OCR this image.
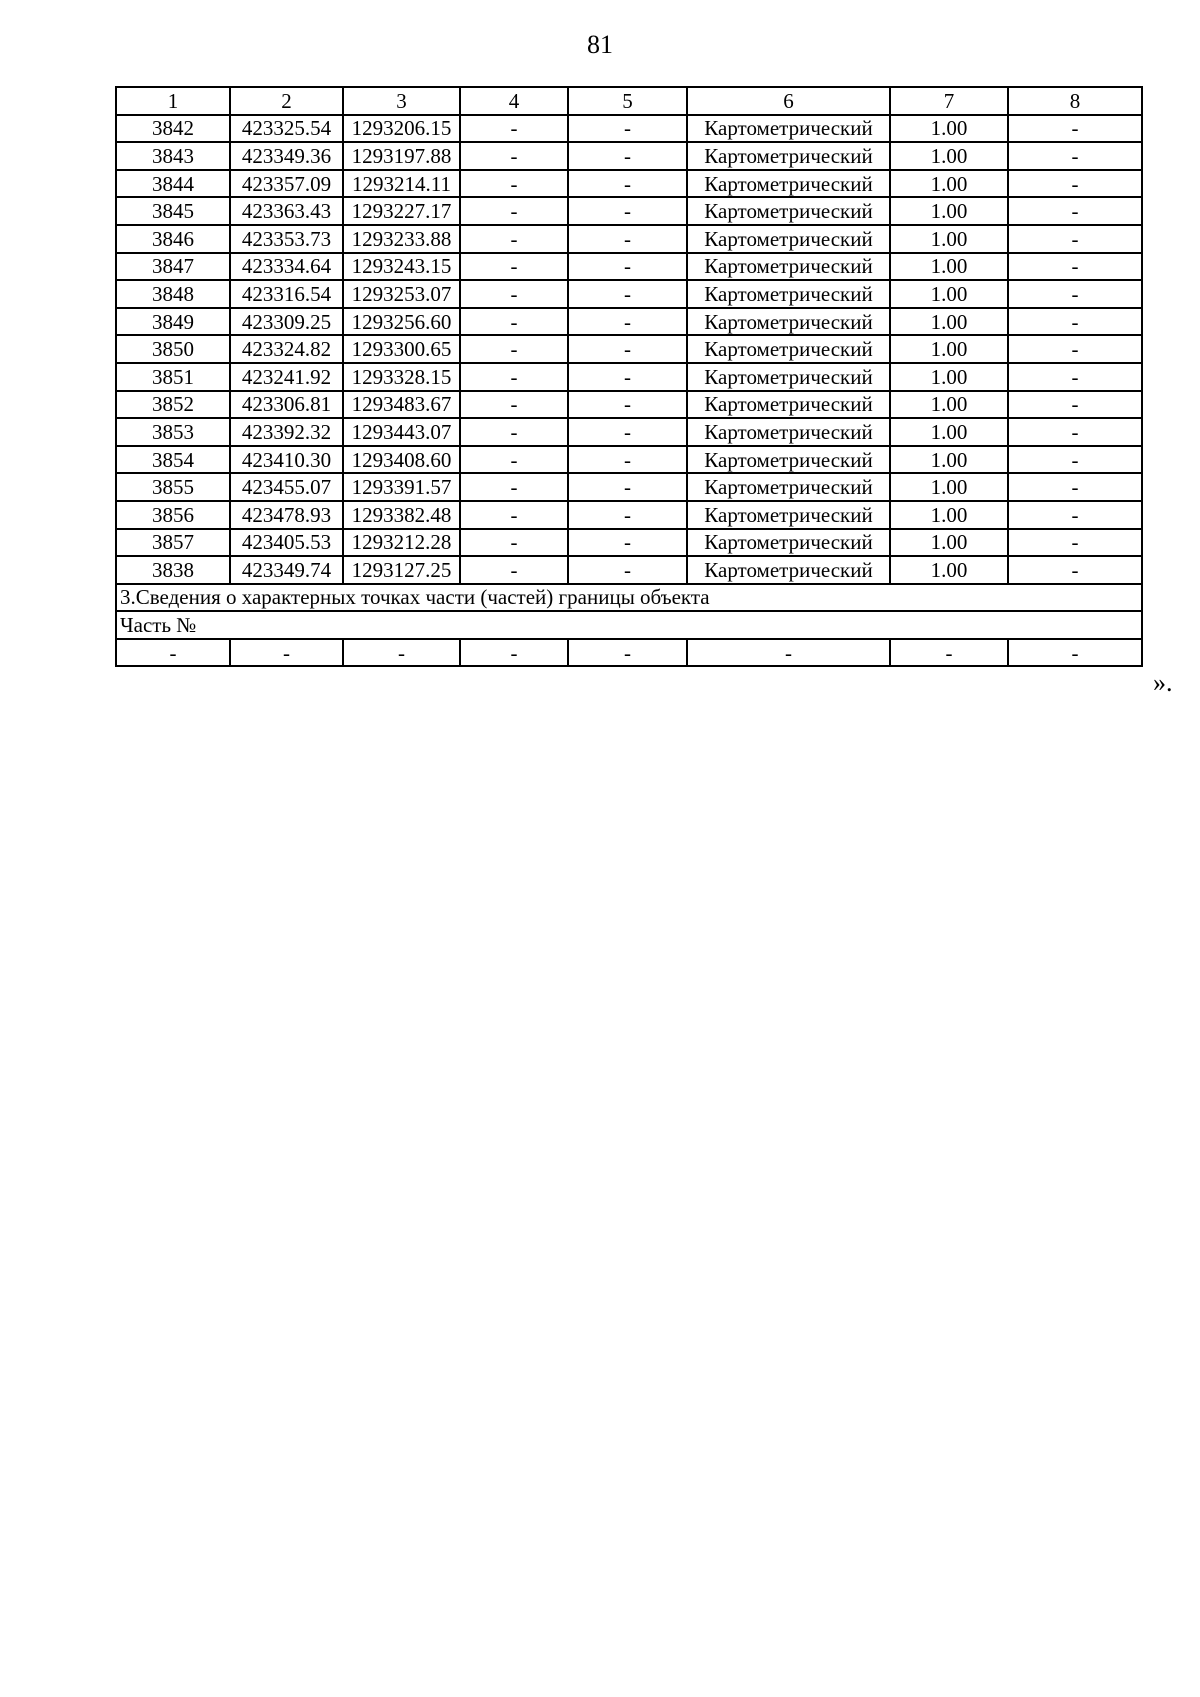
81
1	2	3	4	5	6	7	8
3842	423325.54	1293206.15	-	-	Картометрический	1.00	-
3843	423349.36	1293197.88	-	-	Картометрический	1.00	-
3844	423357.09	1293214.11	-	-	Картометрический	1.00	-
3845	423363.43	1293227.17	-	-	Картометрический	1.00	-
3846	423353.73	1293233.88	-	-	Картометрический	1.00	-
3847	423334.64	1293243.15	-	-	Картометрический	1.00	-
3848	423316.54	1293253.07	-	-	Картометрический	1.00	-
3849	423309.25	1293256.60	-	-	Картометрический	1.00	-
3850	423324.82	1293300.65	-	-	Картометрический	1.00	-
3851	423241.92	1293328.15	-	-	Картометрический	1.00	-
3852	423306.81	1293483.67	-	-	Картометрический	1.00	-
3853	423392.32	1293443.07	-	-	Картометрический	1.00	-
3854	423410.30	1293408.60	-	-	Картометрический	1.00	-
3855	423455.07	1293391.57	-	-	Картометрический	1.00	-
3856	423478.93	1293382.48	-	-	Картометрический	1.00	-
3857	423405.53	1293212.28	-	-	Картометрический	1.00	-
3838	423349.74	1293127.25	-	-	Картометрический	1.00	-
3.Сведения о характерных точках части (частей) границы объекта							
Часть №							
-	-	-	-	-	-	-	-
».​
